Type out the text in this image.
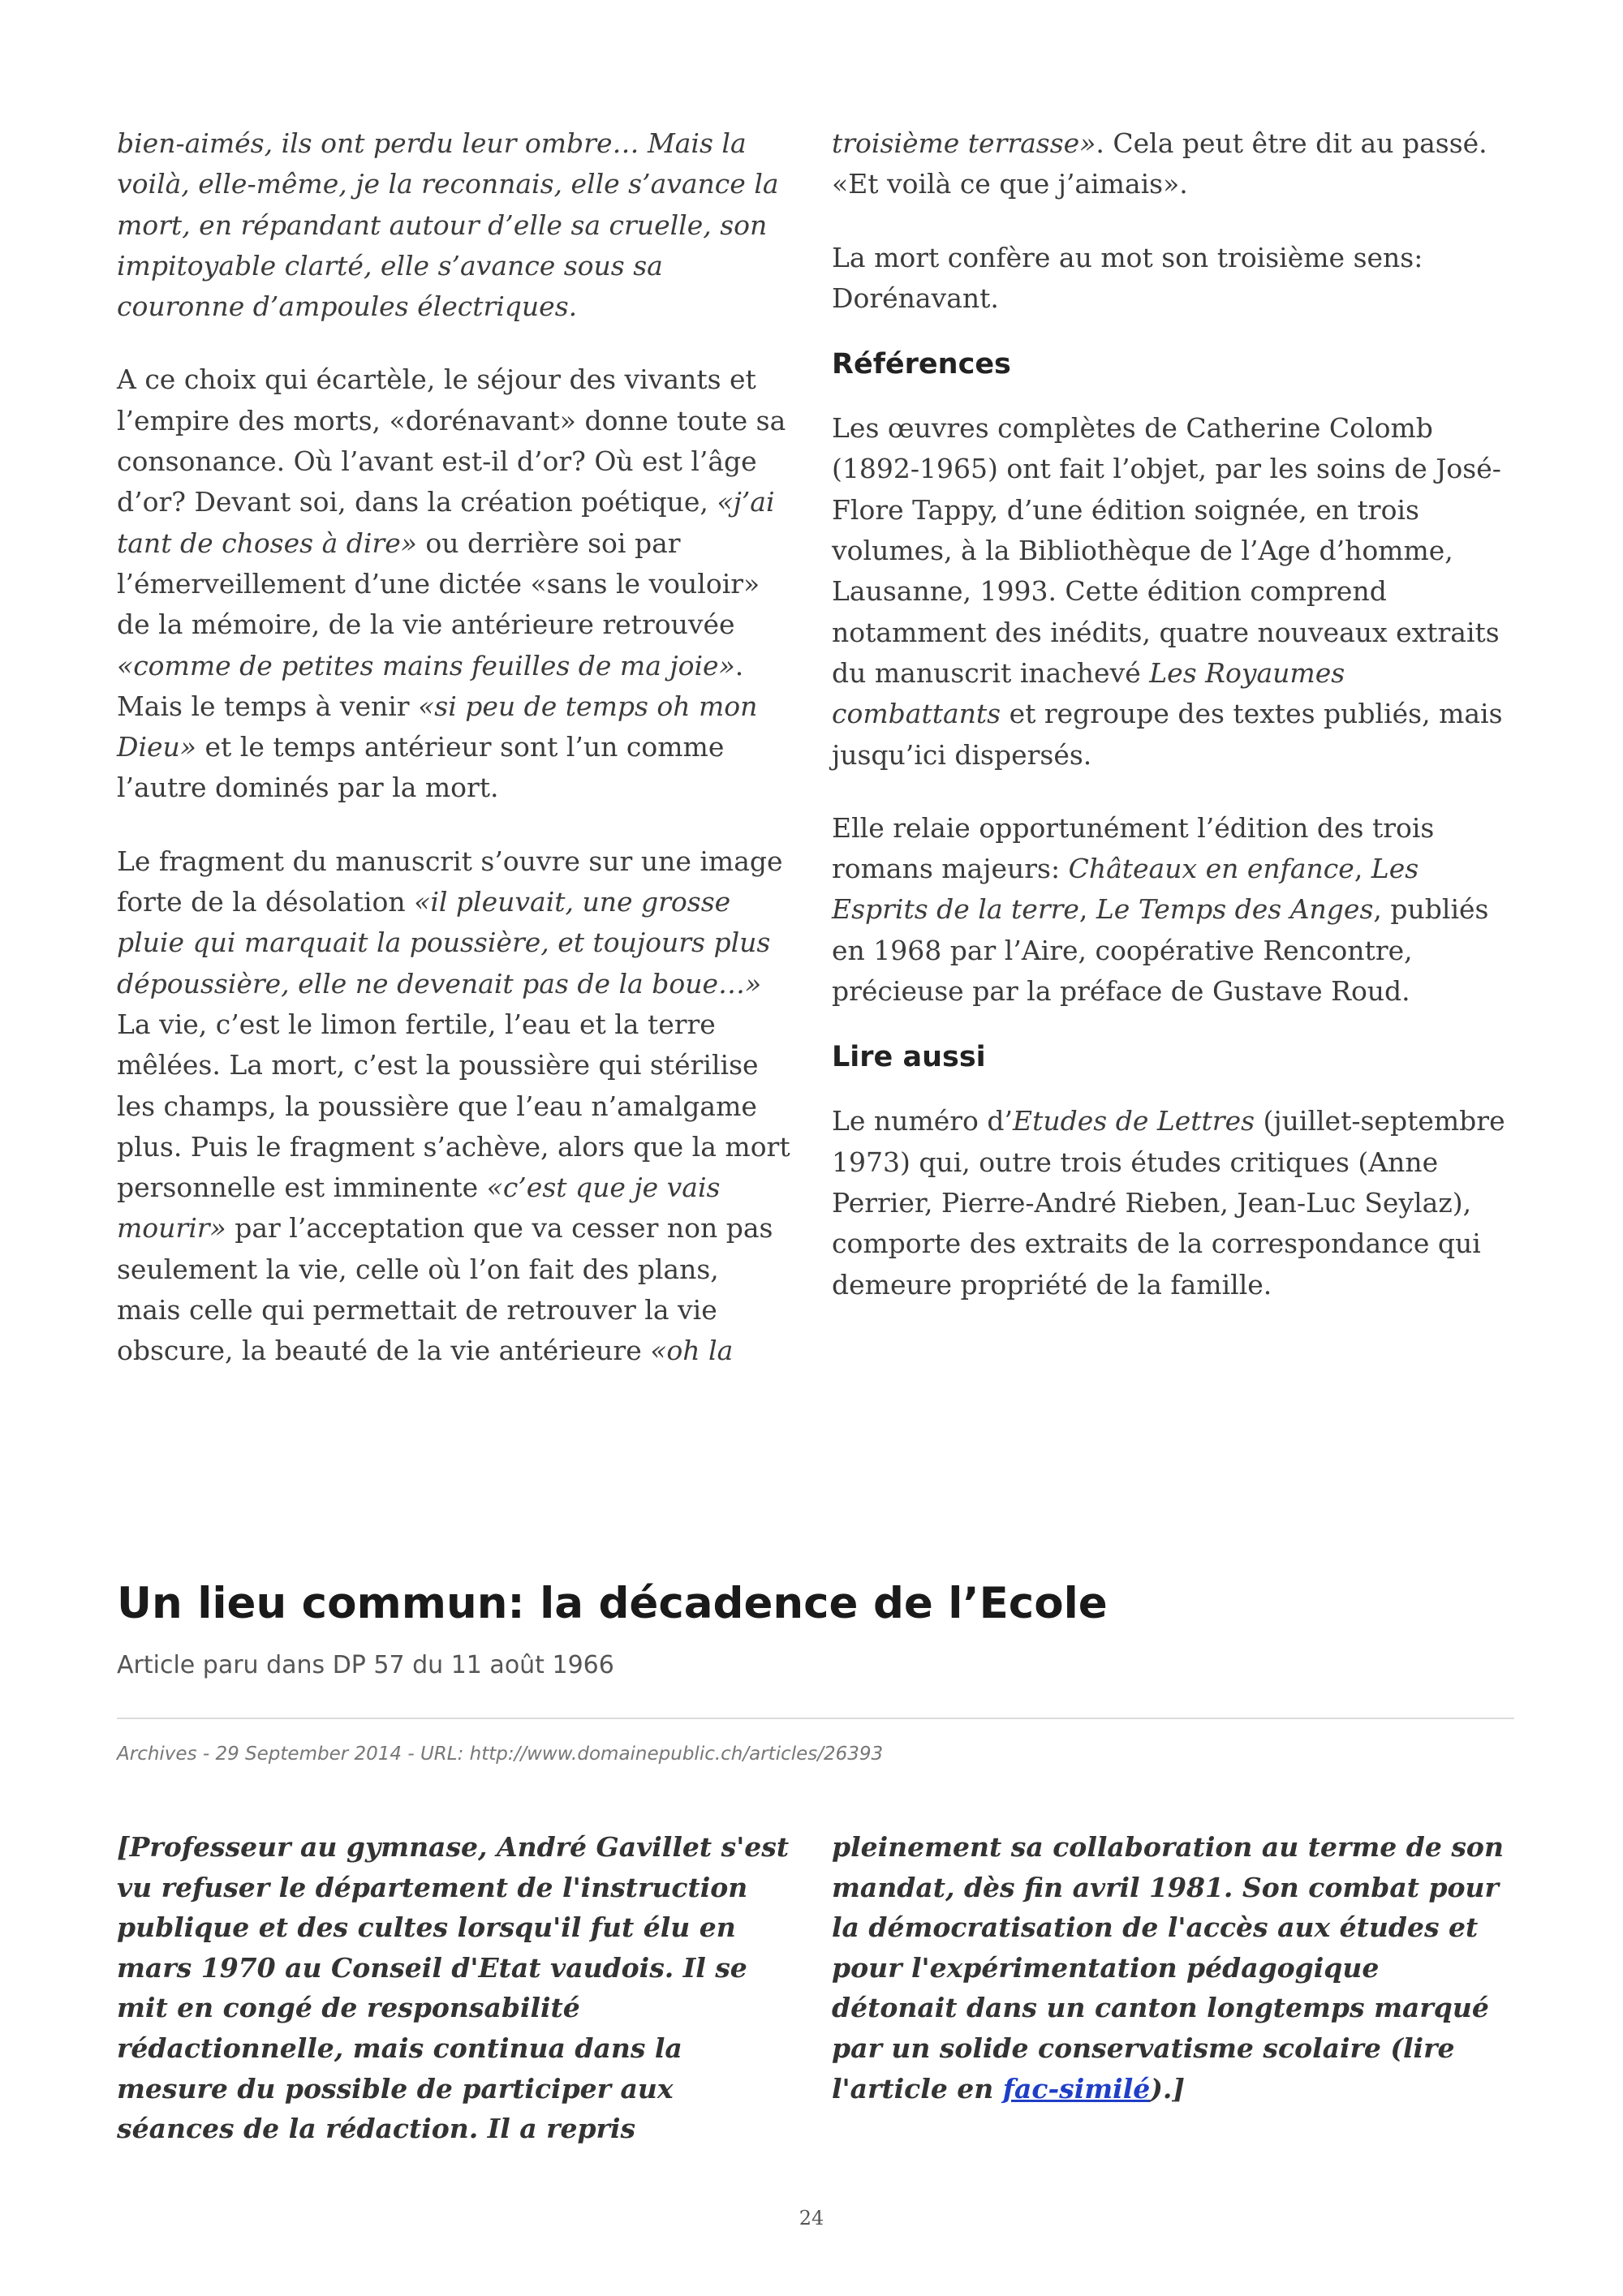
bien-aimés, ils ont perdu leur ombre… Mais la voilà, elle-même, je la reconnais, elle s’avance la mort, en répandant autour d’elle sa cruelle, son impitoyable clarté, elle s’avance sous sa couronne d’ampoules électriques.

A ce choix qui écartèle, le séjour des vivants et l’empire des morts, «dorénavant» donne toute sa consonance. Où l’avant est-il d’or? Où est l’âge d’or? Devant soi, dans la création poétique, «j’ai tant de choses à dire» ou derrière soi par l’émerveillement d’une dictée «sans le vouloir» de la mémoire, de la vie antérieure retrouvée «comme de petites mains feuilles de ma joie». Mais le temps à venir «si peu de temps oh mon Dieu» et le temps antérieur sont l’un comme l’autre dominés par la mort.

Le fragment du manuscrit s’ouvre sur une image forte de la désolation «il pleuvait, une grosse pluie qui marquait la poussière, et toujours plus dépoussière, elle ne devenait pas de la boue…» La vie, c’est le limon fertile, l’eau et la terre mêlées. La mort, c’est la poussière qui stérilise les champs, la poussière que l’eau n’amalgame plus. Puis le fragment s’achève, alors que la mort personnelle est imminente «c’est que je vais mourir» par l’acceptation que va cesser non pas seulement la vie, celle où l’on fait des plans, mais celle qui permettait de retrouver la vie obscure, la beauté de la vie antérieure «oh la

troisième terrasse». Cela peut être dit au passé. «Et voilà ce que j’aimais».

La mort confère au mot son troisième sens: Dorénavant.

Références

Les œuvres complètes de Catherine Colomb (1892-1965) ont fait l’objet, par les soins de José-Flore Tappy, d’une édition soignée, en trois volumes, à la Bibliothèque de l’Age d’homme, Lausanne, 1993. Cette édition comprend notamment des inédits, quatre nouveaux extraits du manuscrit inachevé Les Royaumes combattants et regroupe des textes publiés, mais jusqu’ici dispersés.

Elle relaie opportunément l’édition des trois romans majeurs: Châteaux en enfance, Les Esprits de la terre, Le Temps des Anges, publiés en 1968 par l’Aire, coopérative Rencontre, précieuse par la préface de Gustave Roud.

Lire aussi

Le numéro d’Etudes de Lettres (juillet-septembre 1973) qui, outre trois études critiques (Anne Perrier, Pierre-André Rieben, Jean-Luc Seylaz), comporte des extraits de la correspondance qui demeure propriété de la famille.

Un lieu commun: la décadence de l’Ecole
Article paru dans DP 57 du 11 août 1966
Archives - 29 September 2014 - URL: http://www.domainepublic.ch/articles/26393
[Professeur au gymnase, André Gavillet s'est vu refuser le département de l'instruction publique et des cultes lorsqu'il fut élu en mars 1970 au Conseil d'Etat vaudois. Il se mit en congé de responsabilité rédactionnelle, mais continua dans la mesure du possible de participer aux séances de la rédaction. Il a repris
pleinement sa collaboration au terme de son mandat, dès fin avril 1981. Son combat pour la démocratisation de l'accès aux études et pour l'expérimentation pédagogique détonait dans un canton longtemps marqué par un solide conservatisme scolaire (lire l'article en fac-similé).]
24
